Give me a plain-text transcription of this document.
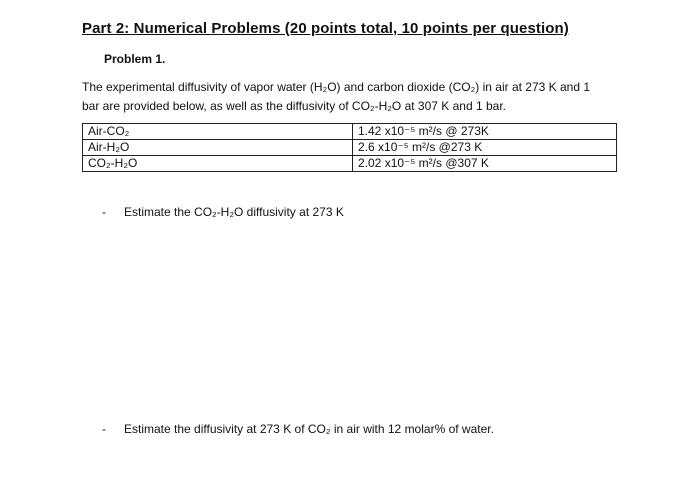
Part 2: Numerical Problems (20 points total, 10 points per question)
Problem 1.
The experimental diffusivity of vapor water (H₂O) and carbon dioxide (CO₂) in air at 273 K and 1
bar are provided below, as well as the diffusivity of CO₂-H₂O at 307 K and 1 bar.
Air-CO₂	1.42 x10⁻⁵ m²/s @ 273K
Air-H₂O	2.6 x10⁻⁵ m²/s @273 K
CO₂-H₂O	2.02 x10⁻⁵ m²/s @307 K
- Estimate the CO₂-H₂O diffusivity at 273 K
- Estimate the diffusivity at 273 K of CO₂ in air with 12 molar% of water.
